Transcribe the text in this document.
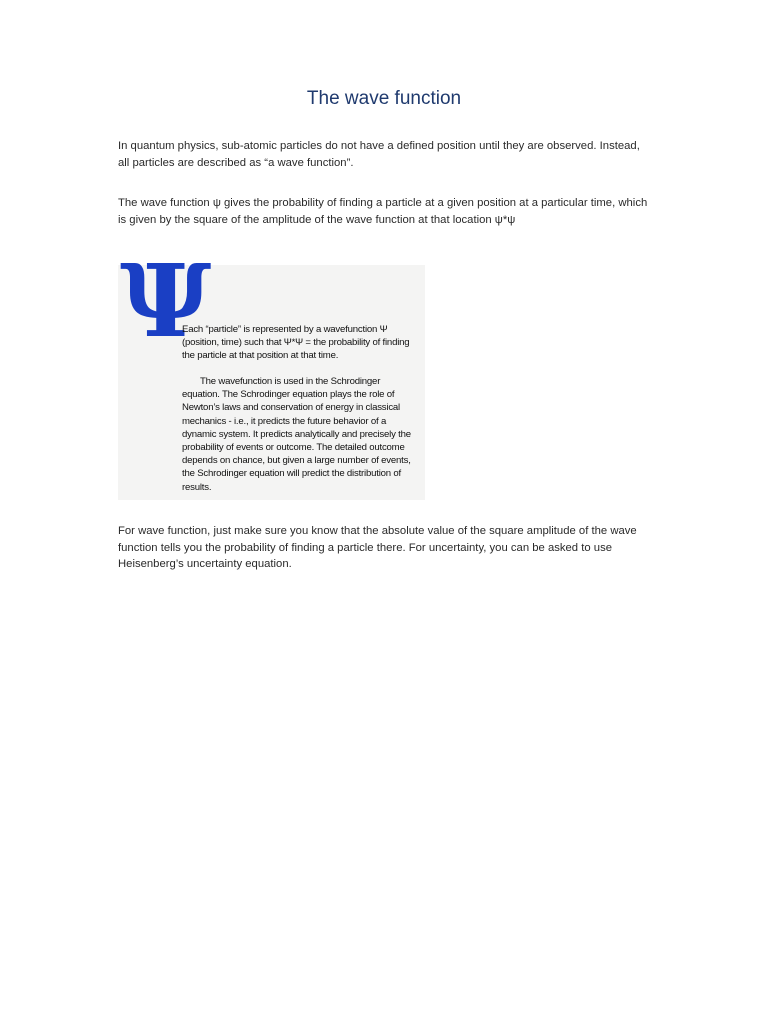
The wave function

In quantum physics, sub-atomic particles do not have a defined position until they are observed. Instead, all particles are described as “a wave function”.

The wave function ψ gives the probability of finding a particle at a given position at a particular time, which is given by the square of the amplitude of the wave function at that location ψ*ψ

Ψ

Each “particle” is represented by a wavefunction Ψ (position, time) such that Ψ*Ψ = the probability of finding the particle at that position at that time.

The wavefunction is used in the Schrodinger equation. The Schrodinger equation plays the role of Newton’s laws and conservation of energy in classical mechanics - i.e., it predicts the future behavior of a dynamic system. It predicts analytically and precisely the probability of events or outcome. The detailed outcome depends on chance, but given a large number of events, the Schrodinger equation will predict the distribution of results.

For wave function, just make sure you know that the absolute value of the square amplitude of the wave function tells you the probability of finding a particle there. For uncertainty, you can be asked to use Heisenberg’s uncertainty equation.
